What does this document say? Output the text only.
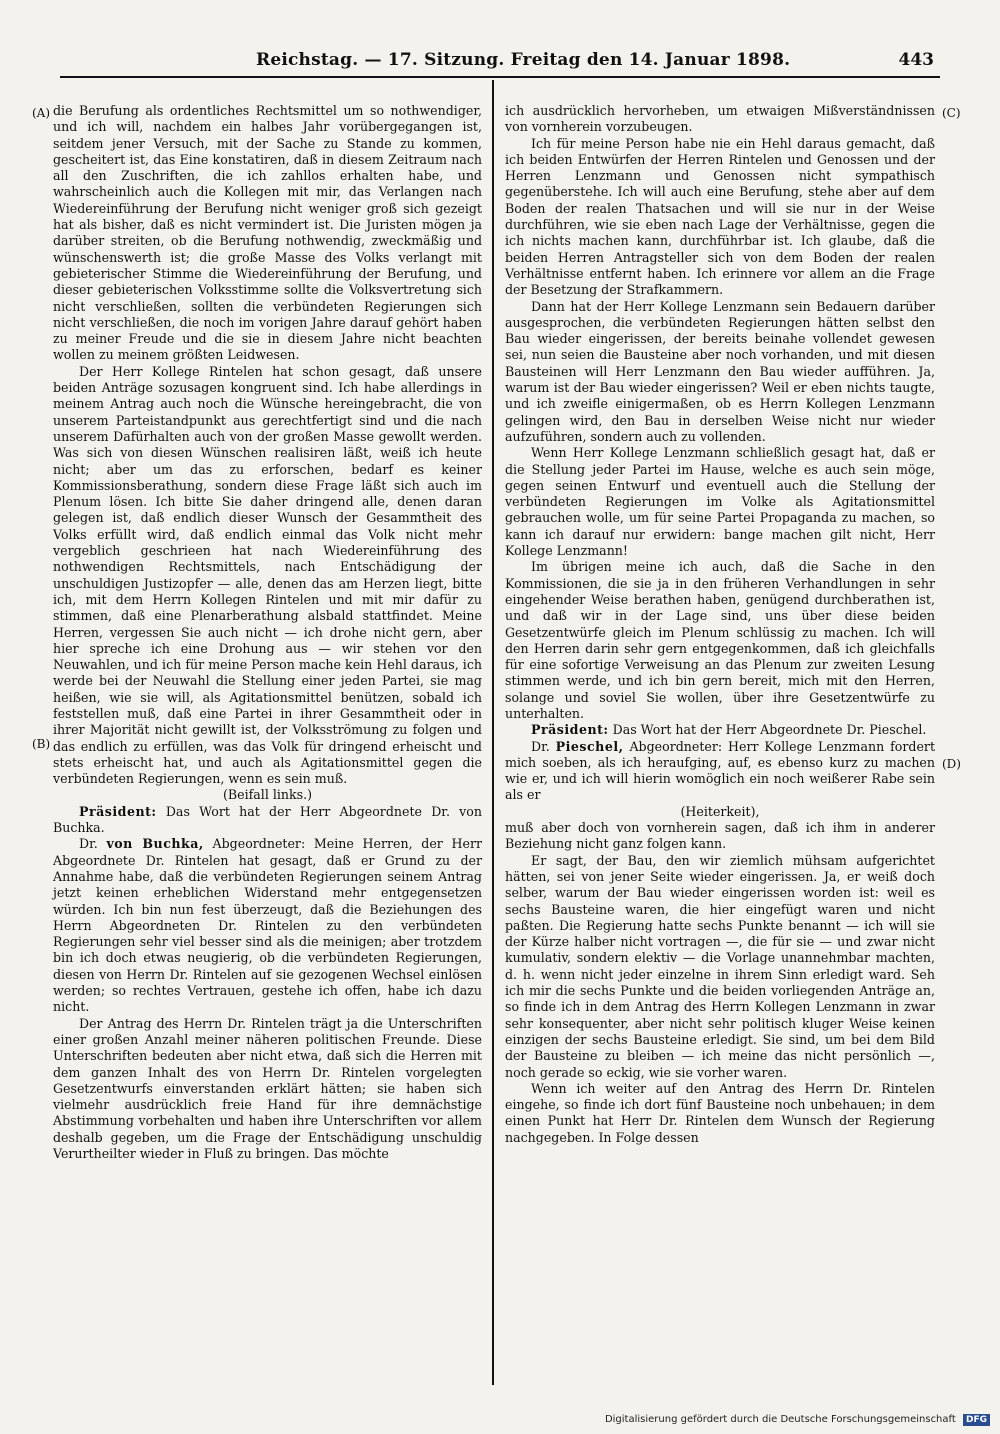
Reichstag. — 17. Sitzung. Freitag den 14. Januar 1898.	443
(A)
(B)
(C)
(D)

die Berufung als ordentliches Rechtsmittel um so nothwendiger, und ich will, nachdem ein halbes Jahr vorübergegangen ist, seitdem jener Versuch, mit der Sache zu Stande zu kommen, gescheitert ist, das Eine konstatiren, daß in diesem Zeitraum nach all den Zuschriften, die ich zahllos erhalten habe, und wahrscheinlich auch die Kollegen mit mir, das Verlangen nach Wiedereinführung der Berufung nicht weniger groß sich gezeigt hat als bisher, daß es nicht vermindert ist. Die Juristen mögen ja darüber streiten, ob die Berufung nothwendig, zweckmäßig und wünschenswerth ist; die große Masse des Volks verlangt mit gebieterischer Stimme die Wiedereinführung der Berufung, und dieser gebieterischen Volksstimme sollte die Volksvertretung sich nicht verschließen, sollten die verbündeten Regierungen sich nicht verschließen, die noch im vorigen Jahre darauf gehört haben zu meiner Freude und die sie in diesem Jahre nicht beachten wollen zu meinem größten Leidwesen.

Der Herr Kollege Rintelen hat schon gesagt, daß unsere beiden Anträge sozusagen kongruent sind. Ich habe allerdings in meinem Antrag auch noch die Wünsche hereingebracht, die von unserem Parteistandpunkt aus gerechtfertigt sind und die nach unserem Dafürhalten auch von der großen Masse gewollt werden. Was sich von diesen Wünschen realisiren läßt, weiß ich heute nicht; aber um das zu erforschen, bedarf es keiner Kommissionsberathung, sondern diese Frage läßt sich auch im Plenum lösen. Ich bitte Sie daher dringend alle, denen daran gelegen ist, daß endlich dieser Wunsch der Gesammtheit des Volks erfüllt wird, daß endlich einmal das Volk nicht mehr vergeblich geschrieen hat nach Wiedereinführung des nothwendigen Rechtsmittels, nach Entschädigung der unschuldigen Justizopfer — alle, denen das am Herzen liegt, bitte ich, mit dem Herrn Kollegen Rintelen und mit mir dafür zu stimmen, daß eine Plenarberathung alsbald stattfindet. Meine Herren, vergessen Sie auch nicht — ich drohe nicht gern, aber hier spreche ich eine Drohung aus — wir stehen vor den Neuwahlen, und ich für meine Person mache kein Hehl daraus, ich werde bei der Neuwahl die Stellung einer jeden Partei, sie mag heißen, wie sie will, als Agitationsmittel benützen, sobald ich feststellen muß, daß eine Partei in ihrer Gesammtheit oder in ihrer Majorität nicht gewillt ist, der Volksströmung zu folgen und das endlich zu erfüllen, was das Volk für dringend erheischt und stets erheischt hat, und auch als Agitationsmittel gegen die verbündeten Regierungen, wenn es sein muß.

(Beifall links.)

Präsident: Das Wort hat der Herr Abgeordnete Dr. von Buchka.

Dr. von Buchka, Abgeordneter: Meine Herren, der Herr Abgeordnete Dr. Rintelen hat gesagt, daß er Grund zu der Annahme habe, daß die verbündeten Regierungen seinem Antrag jetzt keinen erheblichen Widerstand mehr entgegensetzen würden. Ich bin nun fest überzeugt, daß die Beziehungen des Herrn Abgeordneten Dr. Rintelen zu den verbündeten Regierungen sehr viel besser sind als die meinigen; aber trotzdem bin ich doch etwas neugierig, ob die verbündeten Regierungen, diesen von Herrn Dr. Rintelen auf sie gezogenen Wechsel einlösen werden; so rechtes Vertrauen, gestehe ich offen, habe ich dazu nicht.

Der Antrag des Herrn Dr. Rintelen trägt ja die Unterschriften einer großen Anzahl meiner näheren politischen Freunde. Diese Unterschriften bedeuten aber nicht etwa, daß sich die Herren mit dem ganzen Inhalt des von Herrn Dr. Rintelen vorgelegten Gesetzentwurfs einverstanden erklärt hätten; sie haben sich vielmehr ausdrücklich freie Hand für ihre demnächstige Abstimmung vorbehalten und haben ihre Unterschriften vor allem deshalb gegeben, um die Frage der Entschädigung unschuldig Verurtheilter wieder in Fluß zu bringen. Das möchte

ich ausdrücklich hervorheben, um etwaigen Mißverständnissen von vornherein vorzubeugen.

Ich für meine Person habe nie ein Hehl daraus gemacht, daß ich beiden Entwürfen der Herren Rintelen und Genossen und der Herren Lenzmann und Genossen nicht sympathisch gegenüberstehe. Ich will auch eine Berufung, stehe aber auf dem Boden der realen Thatsachen und will sie nur in der Weise durchführen, wie sie eben nach Lage der Verhältnisse, gegen die ich nichts machen kann, durchführbar ist. Ich glaube, daß die beiden Herren Antragsteller sich von dem Boden der realen Verhältnisse entfernt haben. Ich erinnere vor allem an die Frage der Besetzung der Strafkammern.

Dann hat der Herr Kollege Lenzmann sein Bedauern darüber ausgesprochen, die verbündeten Regierungen hätten selbst den Bau wieder eingerissen, der bereits beinahe vollendet gewesen sei, nun seien die Bausteine aber noch vorhanden, und mit diesen Bausteinen will Herr Lenzmann den Bau wieder aufführen. Ja, warum ist der Bau wieder eingerissen? Weil er eben nichts taugte, und ich zweifle einigermaßen, ob es Herrn Kollegen Lenzmann gelingen wird, den Bau in derselben Weise nicht nur wieder aufzuführen, sondern auch zu vollenden.

Wenn Herr Kollege Lenzmann schließlich gesagt hat, daß er die Stellung jeder Partei im Hause, welche es auch sein möge, gegen seinen Entwurf und eventuell auch die Stellung der verbündeten Regierungen im Volke als Agitationsmittel gebrauchen wolle, um für seine Partei Propaganda zu machen, so kann ich darauf nur erwidern: bange machen gilt nicht, Herr Kollege Lenzmann!

Im übrigen meine ich auch, daß die Sache in den Kommissionen, die sie ja in den früheren Verhandlungen in sehr eingehender Weise berathen haben, genügend durchberathen ist, und daß wir in der Lage sind, uns über diese beiden Gesetzentwürfe gleich im Plenum schlüssig zu machen. Ich will den Herren darin sehr gern entgegenkommen, daß ich gleichfalls für eine sofortige Verweisung an das Plenum zur zweiten Lesung stimmen werde, und ich bin gern bereit, mich mit den Herren, solange und soviel Sie wollen, über ihre Gesetzentwürfe zu unterhalten.

Präsident: Das Wort hat der Herr Abgeordnete Dr. Pieschel.

Dr. Pieschel, Abgeordneter: Herr Kollege Lenzmann fordert mich soeben, als ich heraufging, auf, es ebenso kurz zu machen wie er, und ich will hierin womöglich ein noch weißerer Rabe sein als er

(Heiterkeit),

muß aber doch von vornherein sagen, daß ich ihm in anderer Beziehung nicht ganz folgen kann.

Er sagt, der Bau, den wir ziemlich mühsam aufgerichtet hätten, sei von jener Seite wieder eingerissen. Ja, er weiß doch selber, warum der Bau wieder eingerissen worden ist: weil es sechs Bausteine waren, die hier eingefügt waren und nicht paßten. Die Regierung hatte sechs Punkte benannt — ich will sie der Kürze halber nicht vortragen —, die für sie — und zwar nicht kumulativ, sondern elektiv — die Vorlage unannehmbar machten, d. h. wenn nicht jeder einzelne in ihrem Sinn erledigt ward. Seh ich mir die sechs Punkte und die beiden vorliegenden Anträge an, so finde ich in dem Antrag des Herrn Kollegen Lenzmann in zwar sehr konsequenter, aber nicht sehr politisch kluger Weise keinen einzigen der sechs Bausteine erledigt. Sie sind, um bei dem Bild der Bausteine zu bleiben — ich meine das nicht persönlich —, noch gerade so eckig, wie sie vorher waren.

Wenn ich weiter auf den Antrag des Herrn Dr. Rintelen eingehe, so finde ich dort fünf Bausteine noch unbehauen; in dem einen Punkt hat Herr Dr. Rintelen dem Wunsch der Regierung nachgegeben. In Folge dessen

Digitalisierung gefördert durch die Deutsche Forschungsgemeinschaft DFG
